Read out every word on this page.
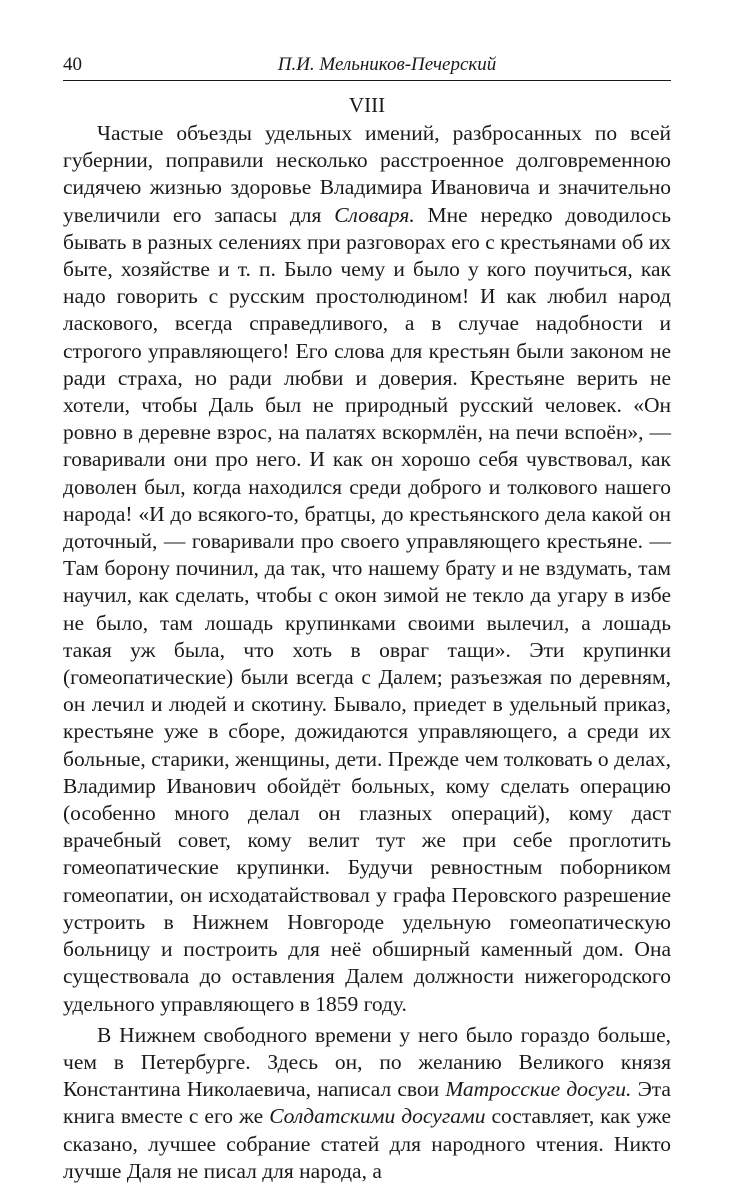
40	П.И. Мельников-Печерский
VIII

Частые объезды удельных имений, разбросанных по всей губернии, поправили несколько расстроенное долговременною сидячею жизнью здоровье Владимира Ивановича и значительно увеличили его запасы для Словаря. Мне нередко доводилось бывать в разных селениях при разговорах его с крестьянами об их быте, хозяйстве и т. п. Было чему и было у кого поучиться, как надо говорить с русским простолюдином! И как любил народ ласкового, всегда справедливого, а в случае надобности и строгого управляющего! Его слова для крестьян были законом не ради страха, но ради любви и доверия. Крестьяне верить не хотели, чтобы Даль был не природный русский человек. «Он ровно в деревне взрос, на палатях вскормлён, на печи вспоён», — говаривали они про него. И как он хорошо себя чувствовал, как доволен был, когда находился среди доброго и толкового нашего народа! «И до всякого-то, братцы, до крестьянского дела какой он доточный, — говаривали про своего управляющего крестьяне. — Там борону починил, да так, что нашему брату и не вздумать, там научил, как сделать, чтобы с окон зимой не текло да угару в избе не было, там лошадь крупинками своими вылечил, а лошадь такая уж была, что хоть в овраг тащи». Эти крупинки (гомеопатические) были всегда с Далем; разъезжая по деревням, он лечил и людей и скотину. Бывало, приедет в удельный приказ, крестьяне уже в сборе, дожидаются управляющего, а среди их больные, старики, женщины, дети. Прежде чем толковать о делах, Владимир Иванович обойдёт больных, кому сделать операцию (особенно много делал он глазных операций), кому даст врачебный совет, кому велит тут же при себе проглотить гомеопатические крупинки. Будучи ревностным поборником гомеопатии, он исходатайствовал у графа Перовского разрешение устроить в Нижнем Новгороде удельную гомеопатическую больницу и построить для неё обширный каменный дом. Она существовала до оставления Далем должности нижегородского удельного управляющего в 1859 году.

В Нижнем свободного времени у него было гораздо больше, чем в Петербурге. Здесь он, по желанию Великого князя Константина Николаевича, написал свои Матросские досуги. Эта книга вместе с его же Солдатскими досугами составляет, как уже сказано, лучшее собрание статей для народного чтения. Никто лучше Даля не писал для народа, а
